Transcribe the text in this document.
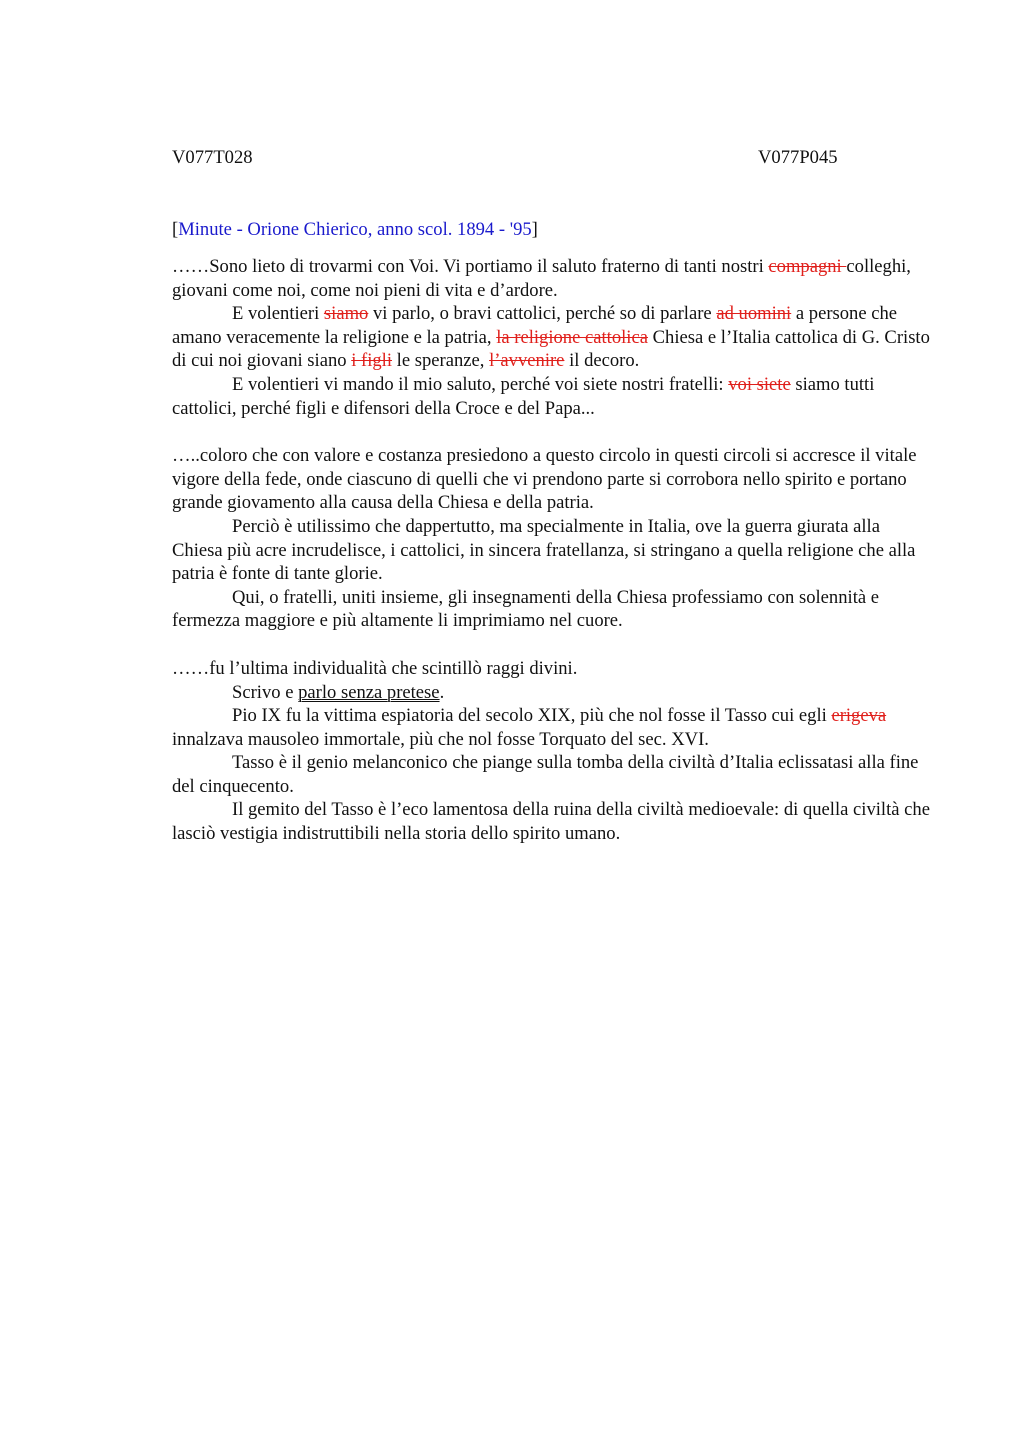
V077T028	V077P045
[Minute - Orione Chierico, anno scol. 1894 - '95]

……Sono lieto di trovarmi con Voi. Vi portiamo il saluto fraterno di tanti nostri compagni colleghi, giovani come noi, come noi pieni di vita e d’ardore.

E volentieri siamo vi parlo, o bravi cattolici, perché so di parlare ad uomini a persone che amano veracemente la religione e la patria, la religione cattolica Chiesa e l’Italia cattolica di G. Cristo di cui noi giovani siano i figli le speranze, l’avvenire il decoro.

E volentieri vi mando il mio saluto, perché voi siete nostri fratelli: voi siete siamo tutti cattolici, perché figli e difensori della Croce e del Papa...

…..coloro che con valore e costanza presiedono a questo circolo in questi circoli si accresce il vitale vigore della fede, onde ciascuno di quelli che vi prendono parte si corrobora nello spirito e portano grande giovamento alla causa della Chiesa e della patria.

Perciò è utilissimo che dappertutto, ma specialmente in Italia, ove la guerra giurata alla Chiesa più acre incrudelisce, i cattolici, in sincera fratellanza, si stringano a quella religione che alla patria è fonte di tante glorie.

Qui, o fratelli, uniti insieme, gli insegnamenti della Chiesa professiamo con solennità e fermezza maggiore e più altamente li imprimiamo nel cuore.

……fu l’ultima individualità che scintillò raggi divini.

Scrivo e parlo senza pretese.

Pio IX fu la vittima espiatoria del secolo XIX, più che nol fosse il Tasso cui egli erigeva innalzava mausoleo immortale, più che nol fosse Torquato del sec. XVI.

Tasso è il genio melanconico che piange sulla tomba della civiltà d’Italia eclissatasi alla fine del cinquecento.

Il gemito del Tasso è l’eco lamentosa della ruina della civiltà medioevale: di quella civiltà che lasciò vestigia indistruttibili nella storia dello spirito umano.
